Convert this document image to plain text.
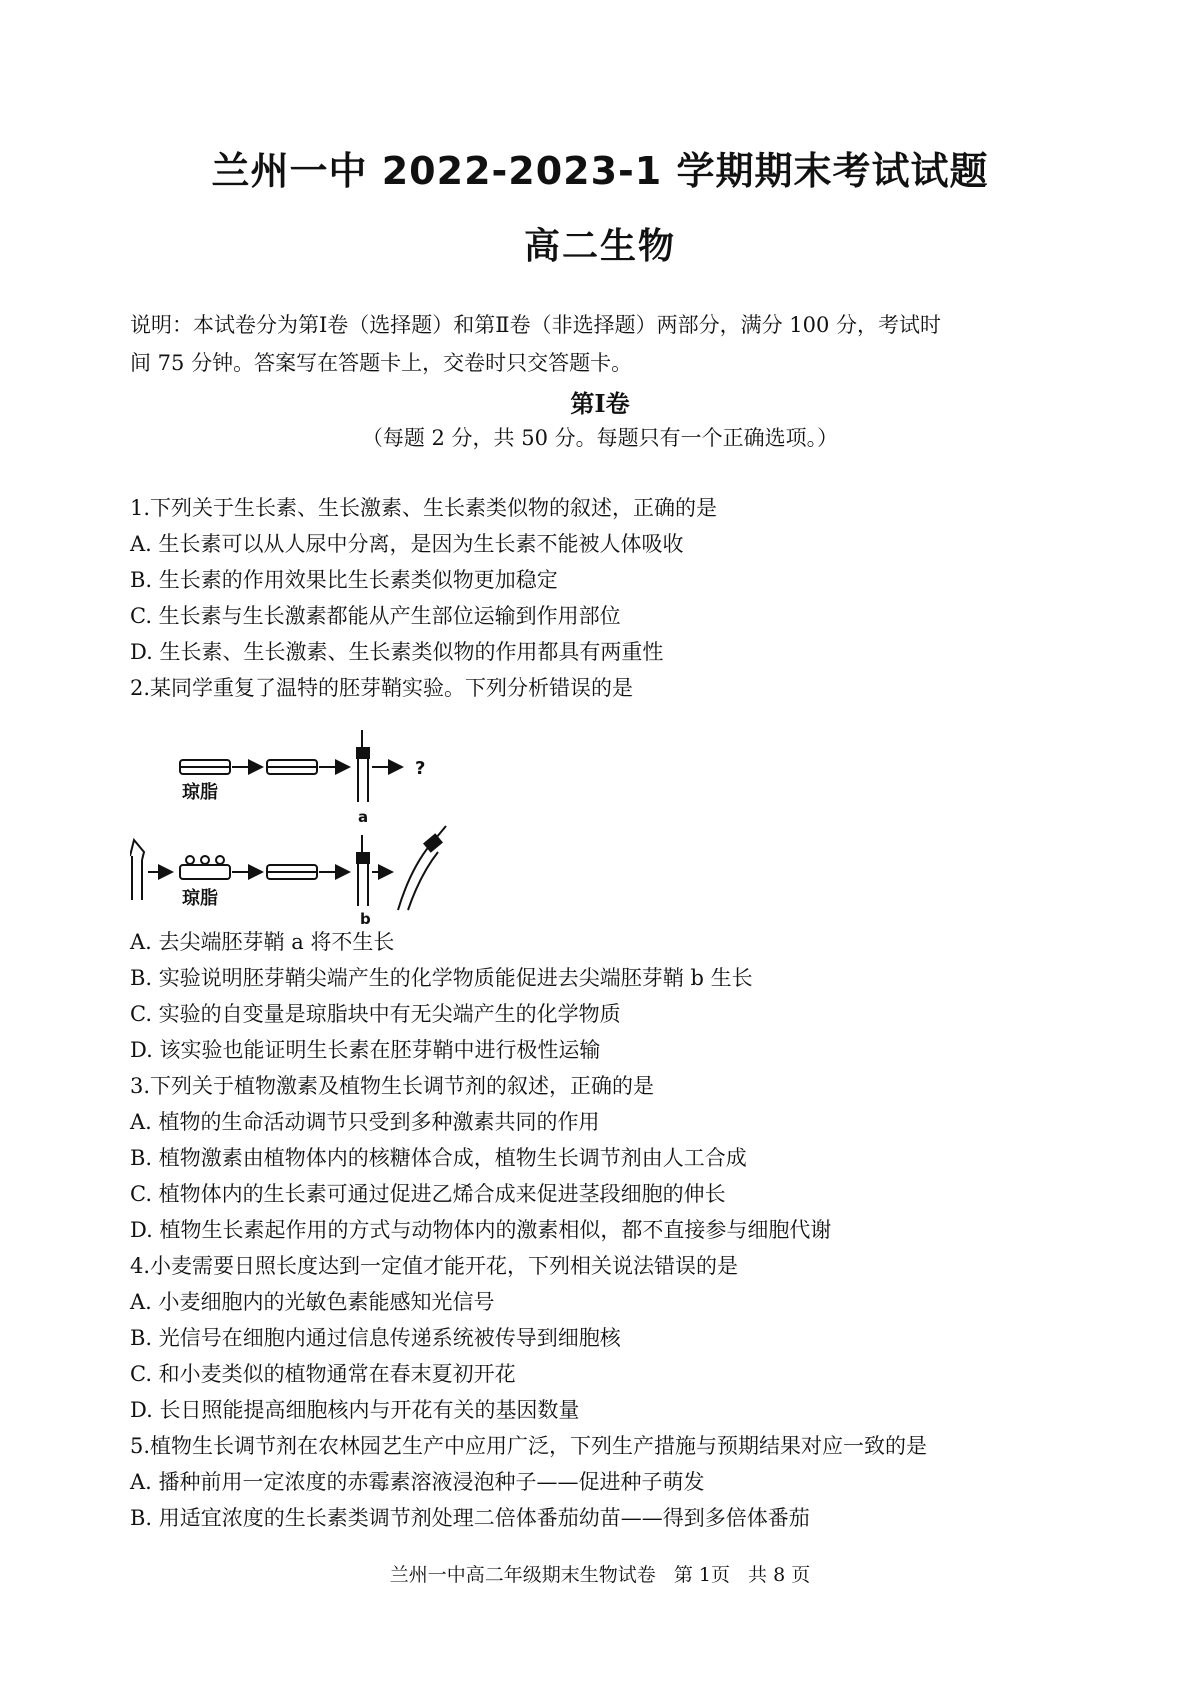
兰州一中 2022-2023-1 学期期末考试试题
高二生物
说明：本试卷分为第Ⅰ卷（选择题）和第Ⅱ卷（非选择题）两部分，满分 100 分，考试时
间 75 分钟。答案写在答题卡上，交卷时只交答题卡。
第Ⅰ卷
（每题 2 分，共 50 分。每题只有一个正确选项。）
1.下列关于生长素、生长激素、生长素类似物的叙述，正确的是
A. 生长素可以从人尿中分离，是因为生长素不能被人体吸收
B. 生长素的作用效果比生长素类似物更加稳定
C. 生长素与生长激素都能从产生部位运输到作用部位
D. 生长素、生长激素、生长素类似物的作用都具有两重性
2.某同学重复了温特的胚芽鞘实验。下列分析错误的是
琼脂
a
?
琼脂
b
A. 去尖端胚芽鞘 a 将不生长
B. 实验说明胚芽鞘尖端产生的化学物质能促进去尖端胚芽鞘 b 生长
C. 实验的自变量是琼脂块中有无尖端产生的化学物质
D. 该实验也能证明生长素在胚芽鞘中进行极性运输
3.下列关于植物激素及植物生长调节剂的叙述，正确的是
A. 植物的生命活动调节只受到多种激素共同的作用
B. 植物激素由植物体内的核糖体合成，植物生长调节剂由人工合成
C. 植物体内的生长素可通过促进乙烯合成来促进茎段细胞的伸长
D. 植物生长素起作用的方式与动物体内的激素相似，都不直接参与细胞代谢
4.小麦需要日照长度达到一定值才能开花，下列相关说法错误的是
A. 小麦细胞内的光敏色素能感知光信号
B. 光信号在细胞内通过信息传递系统被传导到细胞核
C. 和小麦类似的植物通常在春末夏初开花
D. 长日照能提高细胞核内与开花有关的基因数量
5.植物生长调节剂在农林园艺生产中应用广泛，下列生产措施与预期结果对应一致的是
A. 播种前用一定浓度的赤霉素溶液浸泡种子——促进种子萌发
B. 用适宜浓度的生长素类调节剂处理二倍体番茄幼苗——得到多倍体番茄
兰州一中高二年级期末生物试卷 第 1页 共 8 页
